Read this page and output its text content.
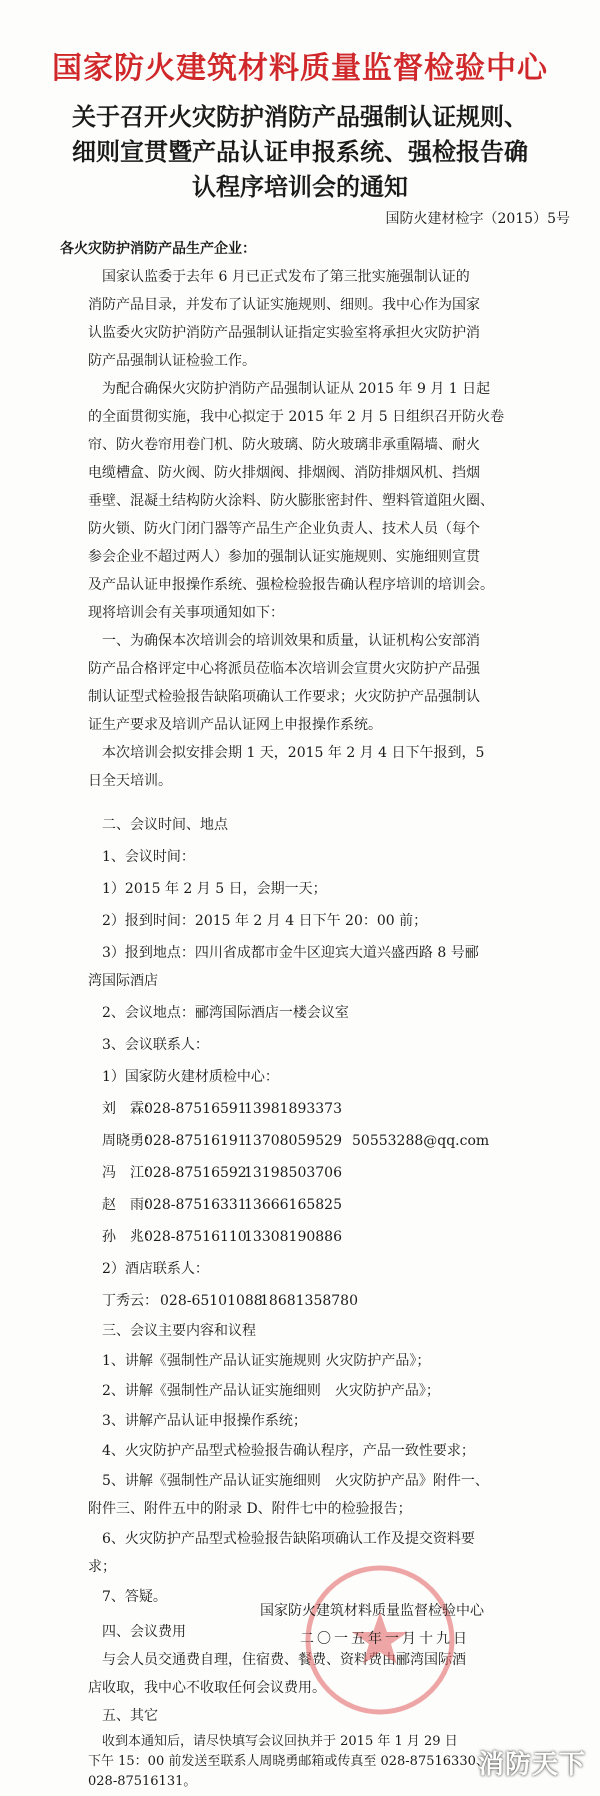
国家防火建筑材料质量监督检验中心
关于召开火灾防护消防产品强制认证规则、细则宣贯暨产品认证申报系统、强检报告确认程序培训会的通知
国防火建材检字（2015）5号
各火灾防护消防产品生产企业：
国家认监委于去年 6 月已正式发布了第三批实施强制认证的
消防产品目录，并发布了认证实施规则、细则。我中心作为国家
认监委火灾防护消防产品强制认证指定实验室将承担火灾防护消
防产品强制认证检验工作。
为配合确保火灾防护消防产品强制认证从 2015 年 9 月 1 日起
的全面贯彻实施，我中心拟定于 2015 年 2 月 5 日组织召开防火卷
帘、防火卷帘用卷门机、防火玻璃、防火玻璃非承重隔墙、耐火
电缆槽盒、防火阀、防火排烟阀、排烟阀、消防排烟风机、挡烟
垂壁、混凝土结构防火涂料、防火膨胀密封件、塑料管道阻火圈、
防火锁、防火门闭门器等产品生产企业负责人、技术人员（每个
参会企业不超过两人）参加的强制认证实施规则、实施细则宣贯
及产品认证申报操作系统、强检检验报告确认程序培训的培训会。
现将培训会有关事项通知如下：
一、为确保本次培训会的培训效果和质量，认证机构公安部消
防产品合格评定中心将派员莅临本次培训会宣贯火灾防护产品强
制认证型式检验报告缺陷项确认工作要求；火灾防护产品强制认
证生产要求及培训产品认证网上申报操作系统。
本次培训会拟安排会期 1 天，2015 年 2 月 4 日下午报到，5
日全天培训。
二、会议时间、地点
1、会议时间：
1）2015 年 2 月 5 日，会期一天；
2）报到时间：2015 年 2 月 4 日下午 20：00 前；
3）报到地点：四川省成都市金牛区迎宾大道兴盛西路 8 号郦
湾国际酒店
2、会议地点：郦湾国际酒店一楼会议室
3、会议联系人：
1）国家防火建材质检中心：
刘　霖：028-8751659113981893373
周晓勇：028-8751619113708059529 50553288@qq.com
冯　江：028-8751659213198503706
赵　雨：028-8751633113666165825
孙　兆：028-8751611013308190886
2）酒店联系人：
丁秀云： 028-6510108818681358780
三、会议主要内容和议程
1、讲解《强制性产品认证实施规则 火灾防护产品》；
2、讲解《强制性产品认证实施细则　火灾防护产品》；
3、讲解产品认证申报操作系统；
4、火灾防护产品型式检验报告确认程序，产品一致性要求；
5、讲解《强制性产品认证实施细则　火灾防护产品》附件一、
附件三、附件五中的附录 D、附件七中的检验报告；
6、火灾防护产品型式检验报告缺陷项确认工作及提交资料要
求；
7、答疑。
四、会议费用
与会人员交通费自理，住宿费、餐费、资料费由郦湾国际酒
店收取，我中心不收取任何会议费用。
五、其它
收到本通知后，请尽快填写会议回执并于 2015 年 1 月 29 日
下午 15：00 前发送至联系人周晓勇邮箱或传真至 028-87516330、
028-87516131。
国家防火建筑材料质量监督检验中心
二〇一五年一月十九日
消防天下
